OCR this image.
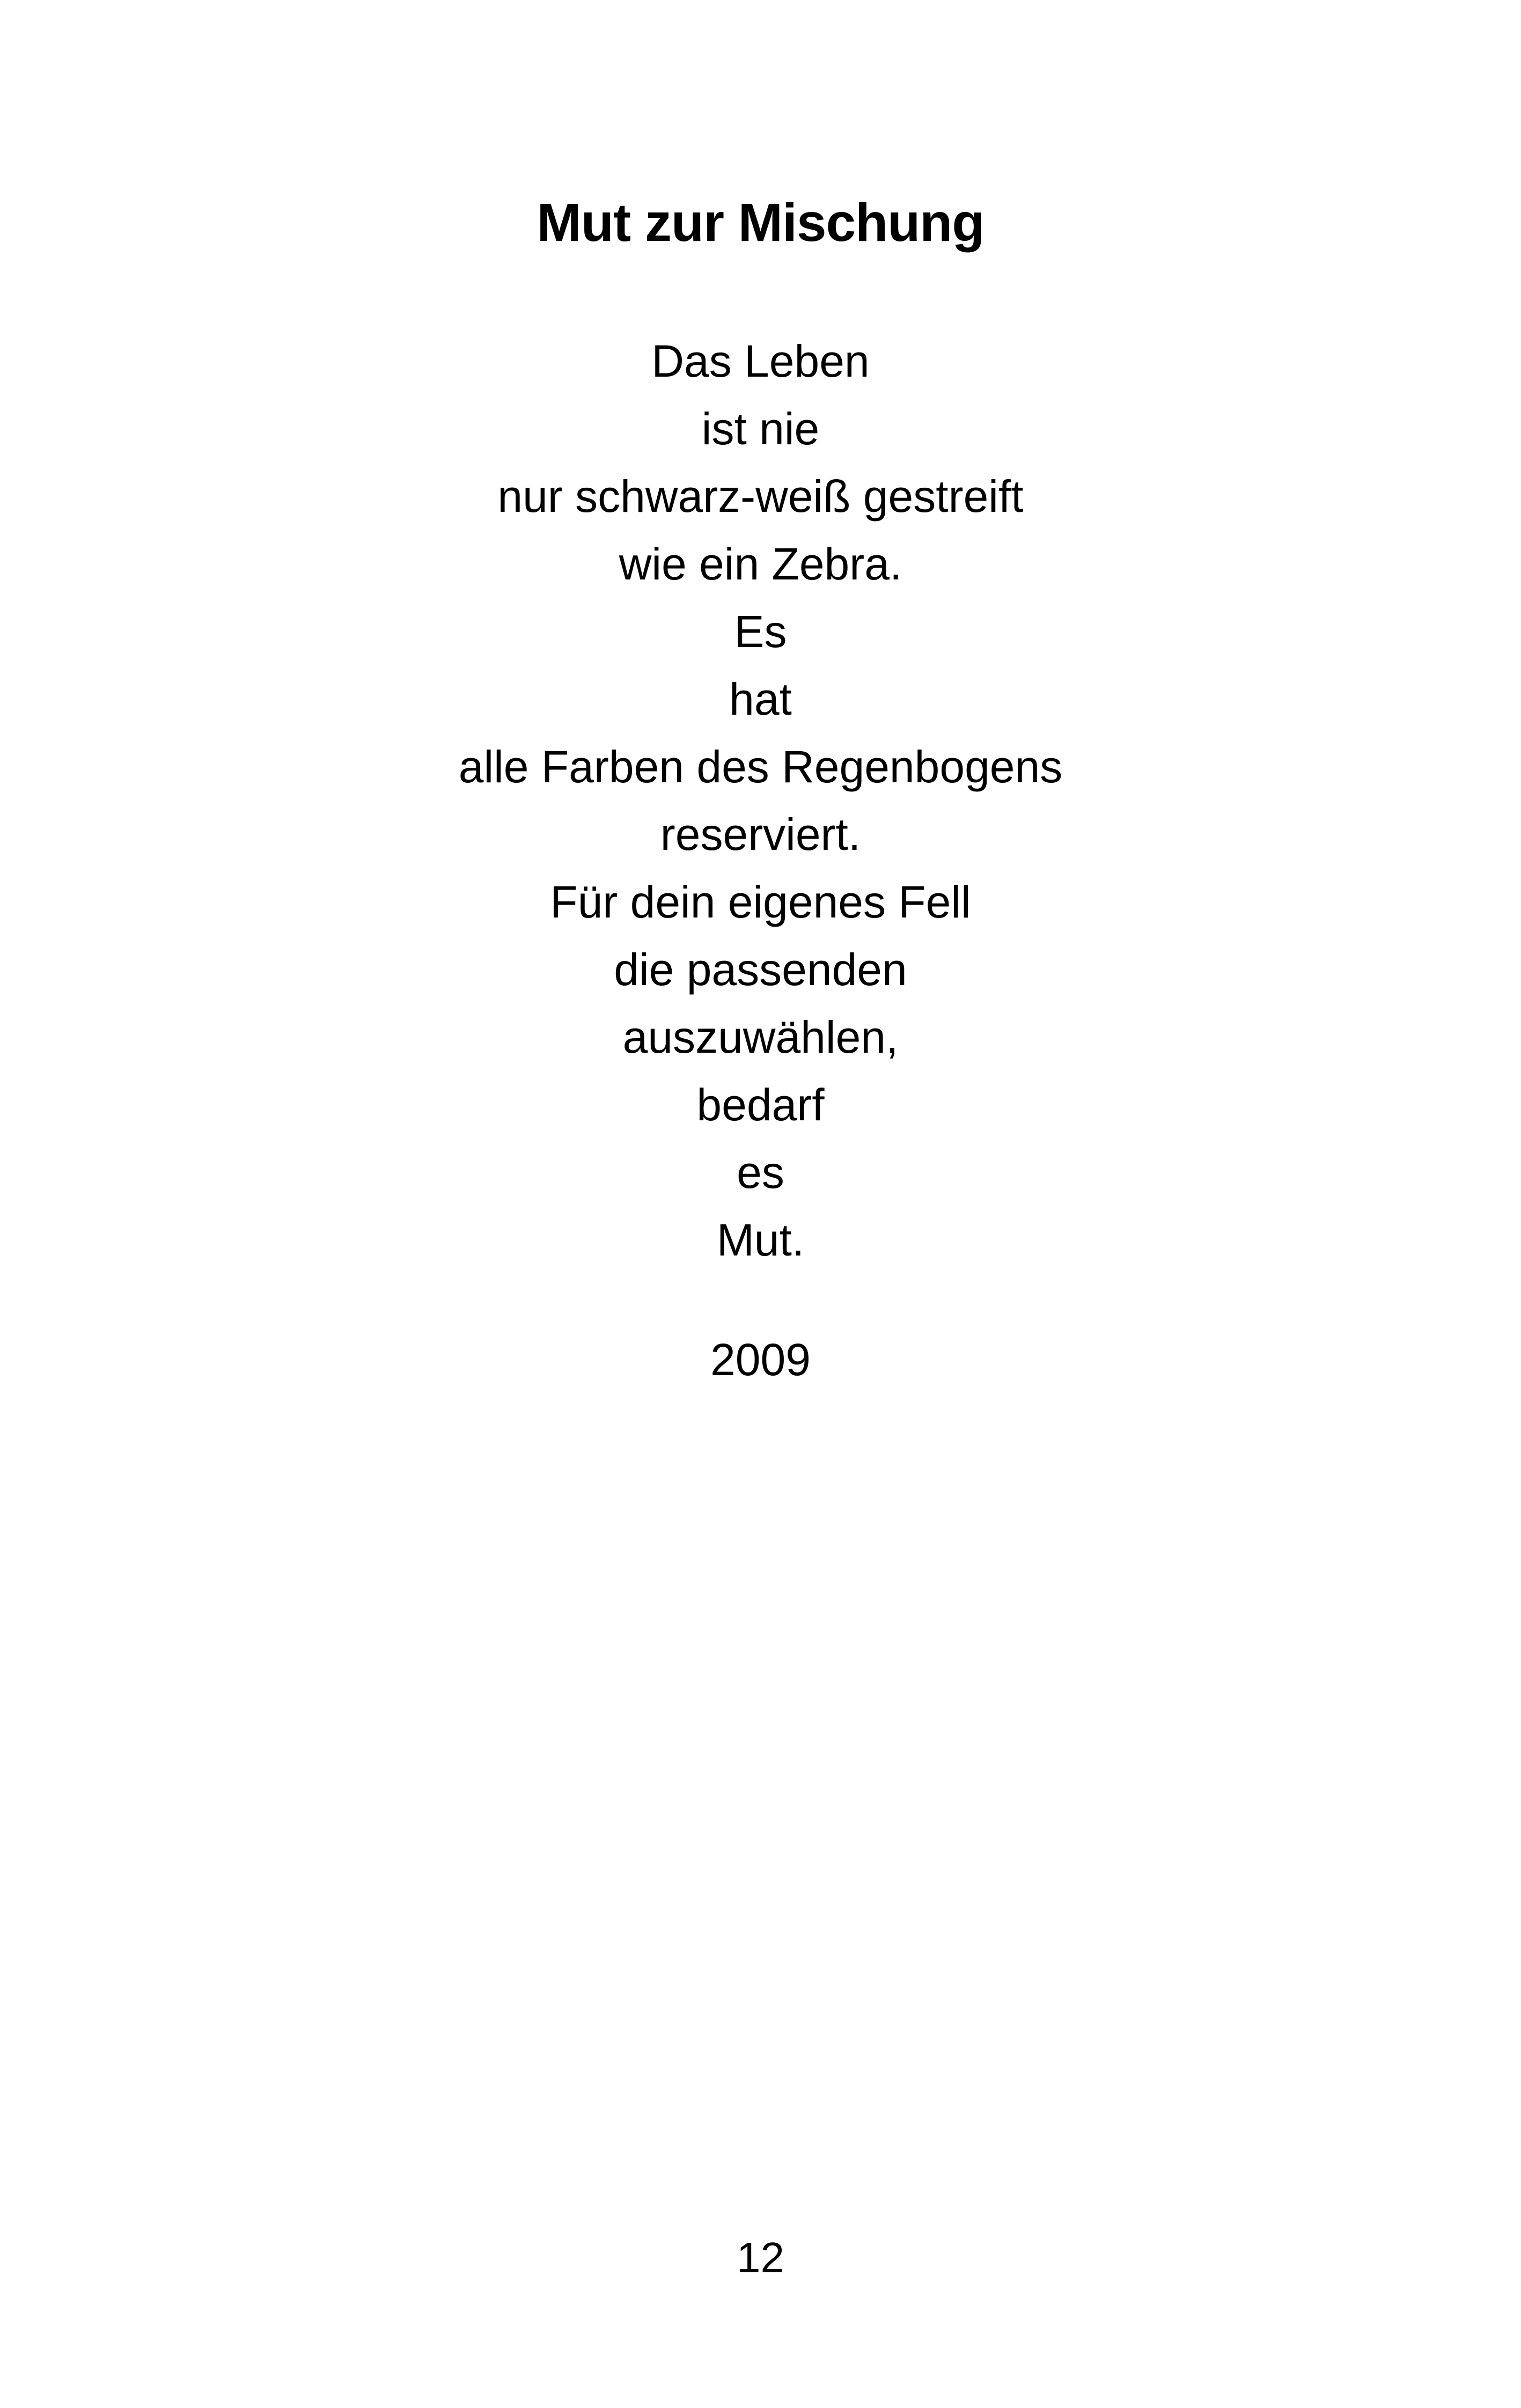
Mut zur Mischung
Das Leben
ist nie
nur schwarz-weiß gestreift
wie ein Zebra.
Es
hat
alle Farben des Regenbogens
reserviert.
Für dein eigenes Fell
die passenden
auszuwählen,
bedarf
es
Mut.
2009
12
